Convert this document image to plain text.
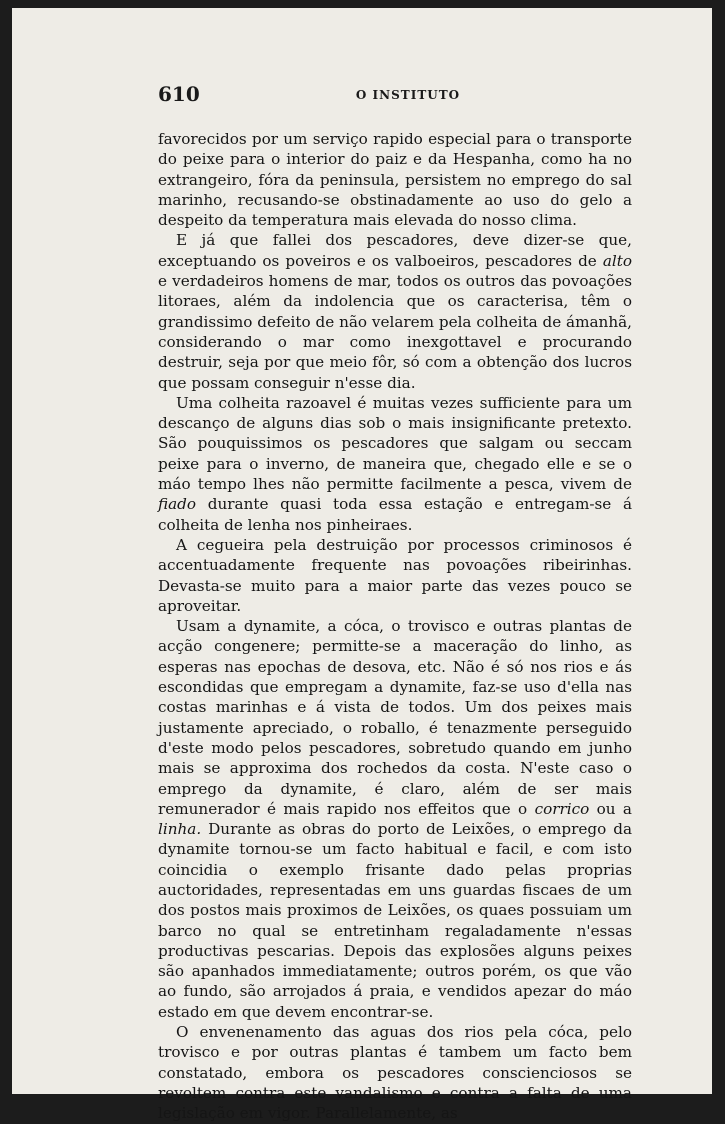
610	O INSTITUTO

favorecidos por um serviço rapido especial para o transporte do peixe para o interior do paiz e da Hespanha, como ha no extrangeiro, fóra da peninsula, persistem no emprego do sal marinho, recusando-se obstinadamente ao uso do gelo a despeito da temperatura mais elevada do nosso clima.

E já que fallei dos pescadores, deve dizer-se que, exceptuando os poveiros e os valboeiros, pescadores de alto e verdadeiros homens de mar, todos os outros das povoações litoraes, além da indolencia que os caracterisa, têm o grandissimo defeito de não velarem pela colheita de ámanhã, considerando o mar como inexgottavel e procurando destruir, seja por que meio fôr, só com a obtenção dos lucros que possam conseguir n'esse dia.

Uma colheita razoavel é muitas vezes sufficiente para um descanço de alguns dias sob o mais insignificante pretexto. São pouquissimos os pescadores que salgam ou seccam peixe para o inverno, de maneira que, chegado elle e se o máo tempo lhes não permitte facilmente a pesca, vivem de fiado durante quasi toda essa estação e entregam-se á colheita de lenha nos pinheiraes.

A cegueira pela destruição por processos criminosos é accentuadamente frequente nas povoações ribeirinhas. Devasta-se muito para a maior parte das vezes pouco se aproveitar.

Usam a dynamite, a cóca, o trovisco e outras plantas de acção congenere; permitte-se a maceração do linho, as esperas nas epochas de desova, etc. Não é só nos rios e ás escondidas que empregam a dynamite, faz-se uso d'ella nas costas marinhas e á vista de todos. Um dos peixes mais justamente apreciado, o roballo, é tenazmente perseguido d'este modo pelos pescadores, sobretudo quando em junho mais se approxima dos rochedos da costa. N'este caso o emprego da dynamite, é claro, além de ser mais remunerador é mais rapido nos effeitos que o corrico ou a linha. Durante as obras do porto de Leixões, o emprego da dynamite tornou-se um facto habitual e facil, e com isto coincidia o exemplo frisante dado pelas proprias auctoridades, representadas em uns guardas fiscaes de um dos postos mais proximos de Leixões, os quaes possuiam um barco no qual se entretinham regaladamente n'essas productivas pescarias. Depois das explosões alguns peixes são apanhados immediatamente; outros porém, os que vão ao fundo, são arrojados á praia, e vendidos apezar do máo estado em que devem encontrar-se.

O envenenamento das aguas dos rios pela cóca, pelo trovisco e por outras plantas é tambem um facto bem constatado, embora os pescadores conscienciosos se revoltem contra este vandalismo e contra a falta de uma legislação em vigor. Parallelamente, as
